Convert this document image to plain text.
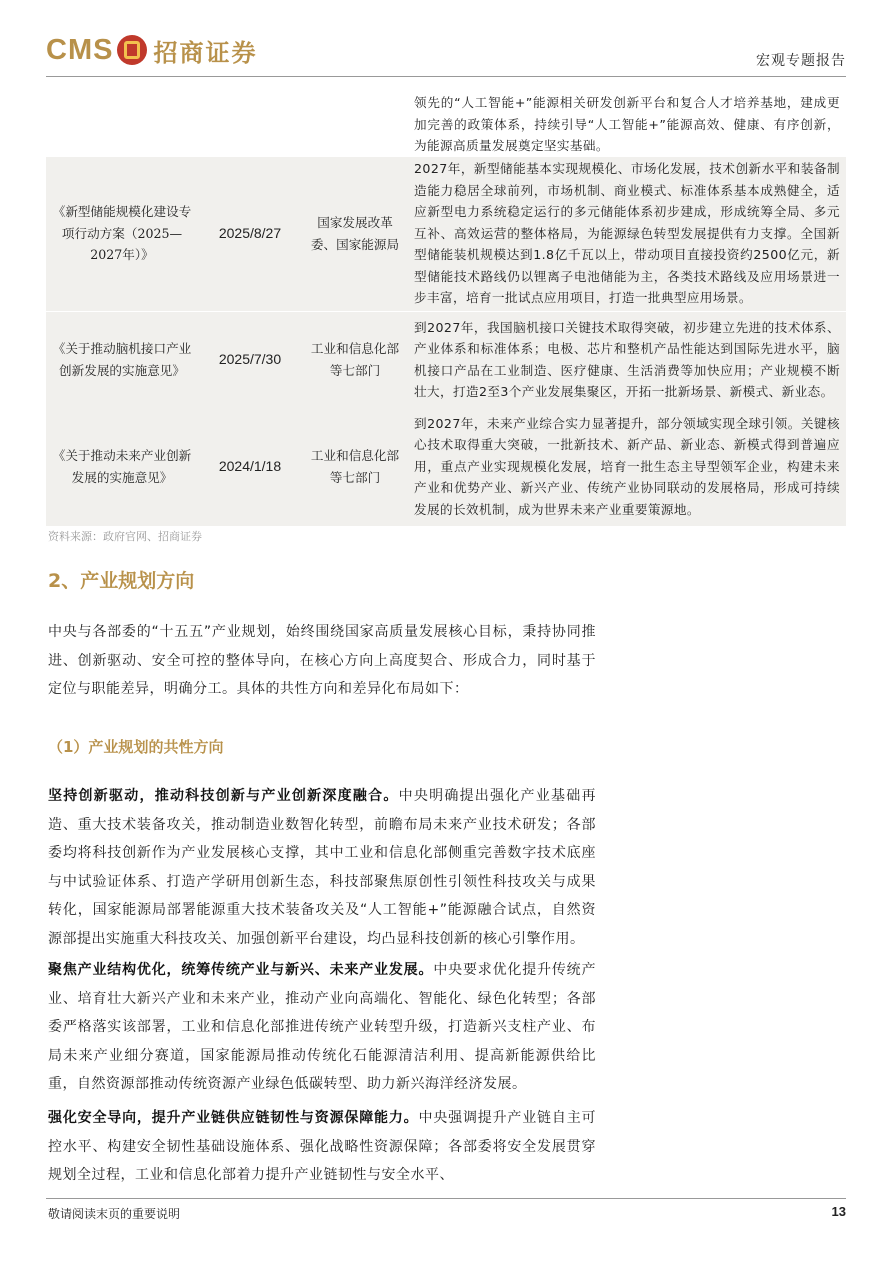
CMS 招商证券	宏观专题报告
			领先的“人工智能+”能源相关研发创新平台和复合人才培养基地，建成更加完善的政策体系，持续引导“人工智能+”能源高效、健康、有序创新，为能源高质量发展奠定坚实基础。
《新型储能规模化建设专项行动方案（2025—2027年）》	2025/8/27	国家发展改革委、国家能源局	2027年，新型储能基本实现规模化、市场化发展，技术创新水平和装备制造能力稳居全球前列，市场机制、商业模式、标准体系基本成熟健全，适应新型电力系统稳定运行的多元储能体系初步建成，形成统筹全局、多元互补、高效运营的整体格局，为能源绿色转型发展提供有力支撑。全国新型储能装机规模达到1.8亿千瓦以上，带动项目直接投资约2500亿元，新型储能技术路线仍以锂离子电池储能为主，各类技术路线及应用场景进一步丰富，培育一批试点应用项目，打造一批典型应用场景。
《关于推动脑机接口产业创新发展的实施意见》	2025/7/30	工业和信息化部等七部门	到2027年，我国脑机接口关键技术取得突破，初步建立先进的技术体系、产业体系和标准体系；电极、芯片和整机产品性能达到国际先进水平，脑机接口产品在工业制造、医疗健康、生活消费等加快应用；产业规模不断壮大，打造2至3个产业发展集聚区，开拓一批新场景、新模式、新业态。
《关于推动未来产业创新发展的实施意见》	2024/1/18	工业和信息化部等七部门	到2027年，未来产业综合实力显著提升，部分领域实现全球引领。关键核心技术取得重大突破，一批新技术、新产品、新业态、新模式得到普遍应用，重点产业实现规模化发展，培育一批生态主导型领军企业，构建未来产业和优势产业、新兴产业、传统产业协同联动的发展格局，形成可持续发展的长效机制，成为世界未来产业重要策源地。
资料来源：政府官网、招商证券
2、产业规划方向

中央与各部委的“十五五”产业规划，始终围绕国家高质量发展核心目标，秉持协同推进、创新驱动、安全可控的整体导向，在核心方向上高度契合、形成合力，同时基于定位与职能差异，明确分工。具体的共性方向和差异化布局如下：

（1）产业规划的共性方向

坚持创新驱动，推动科技创新与产业创新深度融合。中央明确提出强化产业基础再造、重大技术装备攻关，推动制造业数智化转型，前瞻布局未来产业技术研发；各部委均将科技创新作为产业发展核心支撑，其中工业和信息化部侧重完善数字技术底座与中试验证体系、打造产学研用创新生态，科技部聚焦原创性引领性科技攻关与成果转化，国家能源局部署能源重大技术装备攻关及“人工智能+”能源融合试点，自然资源部提出实施重大科技攻关、加强创新平台建设，均凸显科技创新的核心引擎作用。

聚焦产业结构优化，统筹传统产业与新兴、未来产业发展。中央要求优化提升传统产业、培育壮大新兴产业和未来产业，推动产业向高端化、智能化、绿色化转型；各部委严格落实该部署，工业和信息化部推进传统产业转型升级，打造新兴支柱产业、布局未来产业细分赛道，国家能源局推动传统化石能源清洁利用、提高新能源供给比重，自然资源部推动传统资源产业绿色低碳转型、助力新兴海洋经济发展。

强化安全导向，提升产业链供应链韧性与资源保障能力。中央强调提升产业链自主可控水平、构建安全韧性基础设施体系、强化战略性资源保障；各部委将安全发展贯穿规划全过程，工业和信息化部着力提升产业链韧性与安全水平、

敬请阅读末页的重要说明	13
